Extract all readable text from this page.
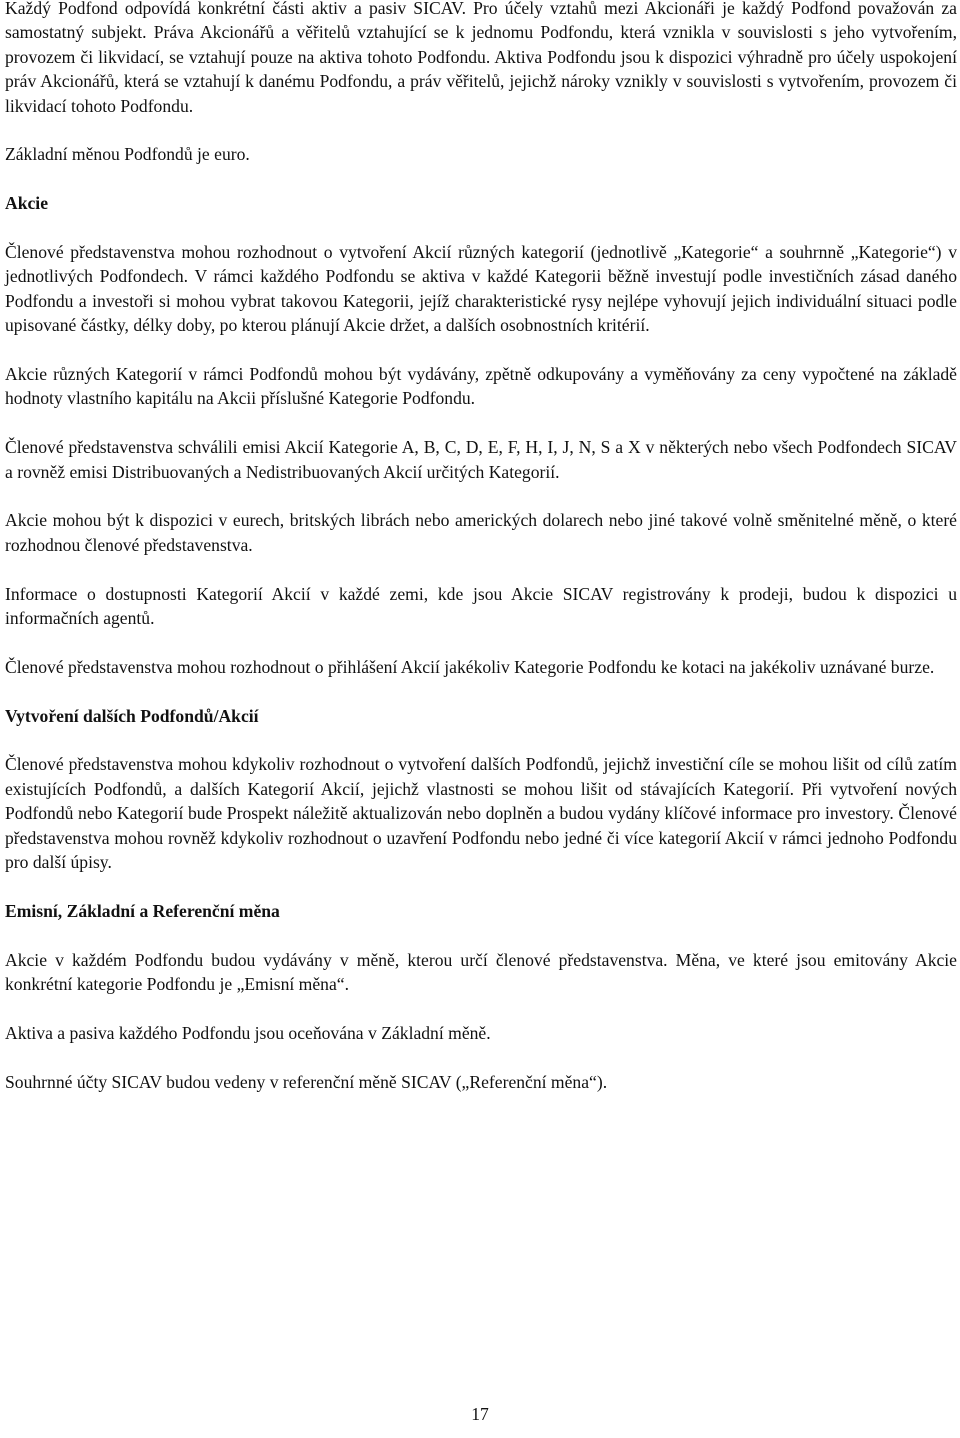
Každý Podfond odpovídá konkrétní části aktiv a pasiv SICAV. Pro účely vztahů mezi Akcionáři je každý Podfond považován za samostatný subjekt. Práva Akcionářů a věřitelů vztahující se k jednomu Podfondu, která vznikla v souvislosti s jeho vytvořením, provozem či likvidací, se vztahují pouze na aktiva tohoto Podfondu. Aktiva Podfondu jsou k dispozici výhradně pro účely uspokojení práv Akcionářů, která se vztahují k danému Podfondu, a práv věřitelů, jejichž nároky vznikly v souvislosti s vytvořením, provozem či likvidací tohoto Podfondu.

Základní měnou Podfondů je euro.

Akcie

Členové představenstva mohou rozhodnout o vytvoření Akcií různých kategorií (jednotlivě „Kategorie“ a souhrnně „Kategorie“) v jednotlivých Podfondech. V rámci každého Podfondu se aktiva v každé Kategorii běžně investují podle investičních zásad daného Podfondu a investoři si mohou vybrat takovou Kategorii, jejíž charakteristické rysy nejlépe vyhovují jejich individuální situaci podle upisované částky, délky doby, po kterou plánují Akcie držet, a dalších osobnostních kritérií.

Akcie různých Kategorií v rámci Podfondů mohou být vydávány, zpětně odkupovány a vyměňovány za ceny vypočtené na základě hodnoty vlastního kapitálu na Akcii příslušné Kategorie Podfondu.

Členové představenstva schválili emisi Akcií Kategorie A, B, C, D, E, F, H, I, J, N, S a X v některých nebo všech Podfondech SICAV a rovněž emisi Distribuovaných a Nedistribuovaných Akcií určitých Kategorií.

Akcie mohou být k dispozici v eurech, britských librách nebo amerických dolarech nebo jiné takové volně směnitelné měně, o které rozhodnou členové představenstva.

Informace o dostupnosti Kategorií Akcií v každé zemi, kde jsou Akcie SICAV registrovány k prodeji, budou k dispozici u informačních agentů.

Členové představenstva mohou rozhodnout o přihlášení Akcií jakékoliv Kategorie Podfondu ke kotaci na jakékoliv uznávané burze.

Vytvoření dalších Podfondů/Akcií

Členové představenstva mohou kdykoliv rozhodnout o vytvoření dalších Podfondů, jejichž investiční cíle se mohou lišit od cílů zatím existujících Podfondů, a dalších Kategorií Akcií, jejichž vlastnosti se mohou lišit od stávajících Kategorií. Při vytvoření nových Podfondů nebo Kategorií bude Prospekt náležitě aktualizován nebo doplněn a budou vydány klíčové informace pro investory. Členové představenstva mohou rovněž kdykoliv rozhodnout o uzavření Podfondu nebo jedné či více kategorií Akcií v rámci jednoho Podfondu pro další úpisy.

Emisní, Základní a Referenční měna

Akcie v každém Podfondu budou vydávány v měně, kterou určí členové představenstva. Měna, ve které jsou emitovány Akcie konkrétní kategorie Podfondu je „Emisní měna“.

Aktiva a pasiva každého Podfondu jsou oceňována v Základní měně.

Souhrnné účty SICAV budou vedeny v referenční měně SICAV („Referenční měna“).

17
